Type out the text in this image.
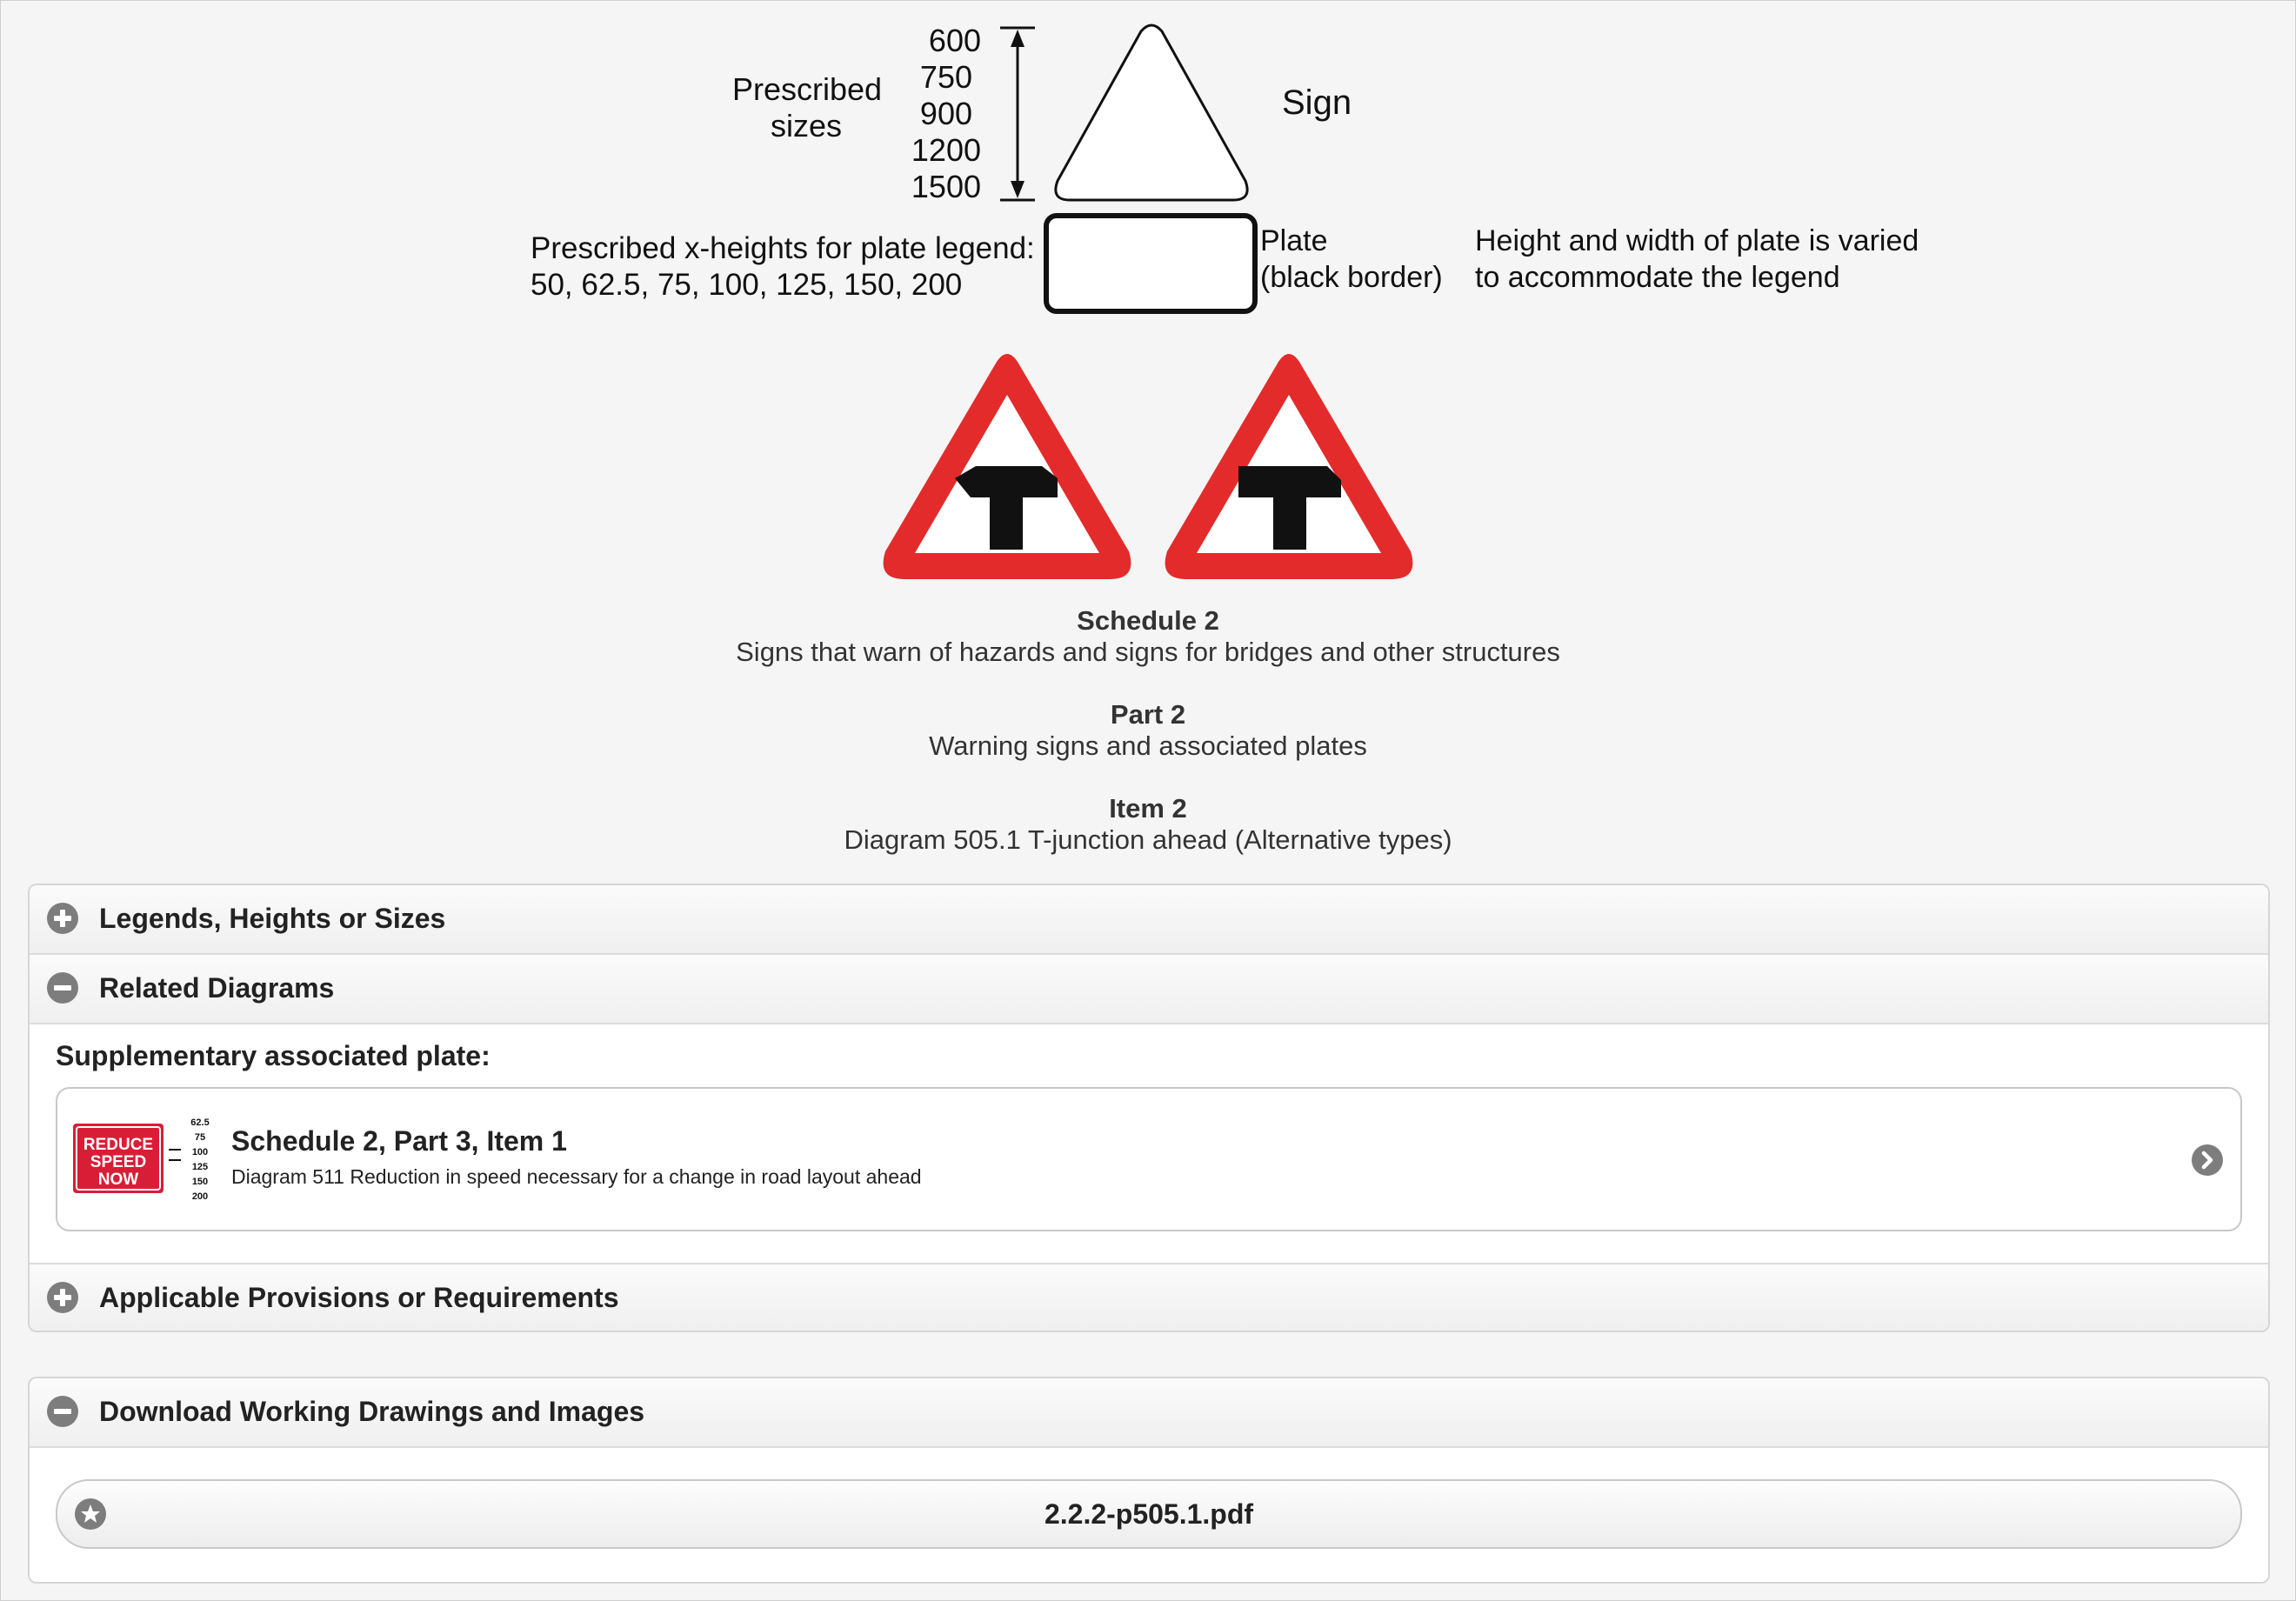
Prescribed
sizes
600
750
900
1200
1500
Sign
Prescribed x-heights for plate legend:
50, 62.5, 75, 100, 125, 150, 200
Plate
(black border)
Height and width of plate is varied
to accommodate the legend
Schedule 2
Signs that warn of hazards and signs for bridges and other structures
Part 2
Warning signs and associated plates
Item 2
Diagram 505.1 T-junction ahead (Alternative types)
Legends, Heights or Sizes
Related Diagrams
Supplementary associated plate:
REDUCE
SPEED
NOW
62.5
75
100
125
150
200
Schedule 2, Part 3, Item 1
Diagram 511 Reduction in speed necessary for a change in road layout ahead
Applicable Provisions or Requirements
Download Working Drawings and Images
2.2.2-p505.1.pdf
